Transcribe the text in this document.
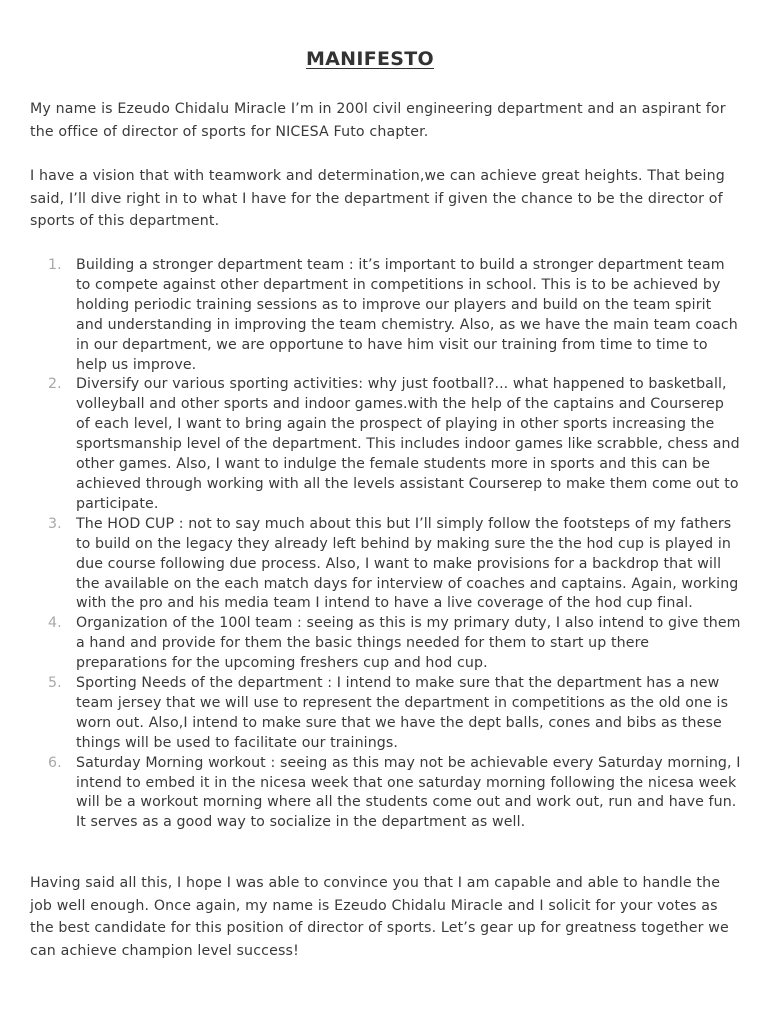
MANIFESTO

My name is Ezeudo Chidalu Miracle I’m in 200l civil engineering department and an aspirant for the office of director of sports for NICESA Futo chapter.

I have a vision that with teamwork and determination,we can achieve great heights. That being said, I’ll dive right in to what I have for the department if given the chance to be the director of sports of this department.

1.	Building a stronger department team : it’s important to build a stronger department team to compete against other department in competitions in school. This is to be achieved by holding periodic training sessions as to improve our players and build on the team spirit and understanding in improving the team chemistry. Also, as we have the main team coach in our department, we are opportune to have him visit our training from time to time to help us improve.
2.	Diversify our various sporting activities: why just football?... what happened to basketball, volleyball and other sports and indoor games.with the help of the captains and Courserep of each level, I want to bring again the prospect of playing in other sports increasing the sportsmanship level of the department. This includes indoor games like scrabble, chess and other games. Also, I want to indulge the female students more in sports and this can be achieved through working with all the levels assistant Courserep to make them come out to participate.
3.	The HOD CUP : not to say much about this but I’ll simply follow the footsteps of my fathers to build on the legacy they already left behind by making sure the the hod cup is played in due course following due process. Also, I want to make provisions for a backdrop that will the available on the each match days for interview of coaches and captains. Again, working with the pro and his media team I intend to have a live coverage of the hod cup final.
4.	Organization of the 100l team : seeing as this is my primary duty, I also intend to give them a hand and provide for them the basic things needed for them to start up there preparations for the upcoming freshers cup and hod cup.
5.	Sporting Needs of the department : I intend to make sure that the department has a new team jersey that we will use to represent the department in competitions as the old one is worn out. Also,I intend to make sure that we have the dept balls, cones and bibs as these things will be used to facilitate our trainings.
6.	Saturday Morning workout : seeing as this may not be achievable every Saturday morning, I intend to embed it in the nicesa week that one saturday morning following the nicesa week will be a workout morning where all the students come out and work out, run and have fun. It serves as a good way to socialize in the department as well.

Having said all this, I hope I was able to convince you that I am capable and able to handle the job well enough. Once again, my name is Ezeudo Chidalu Miracle and I solicit for your votes as the best candidate for this position of director of sports. Let’s gear up for greatness together we can achieve champion level success!
